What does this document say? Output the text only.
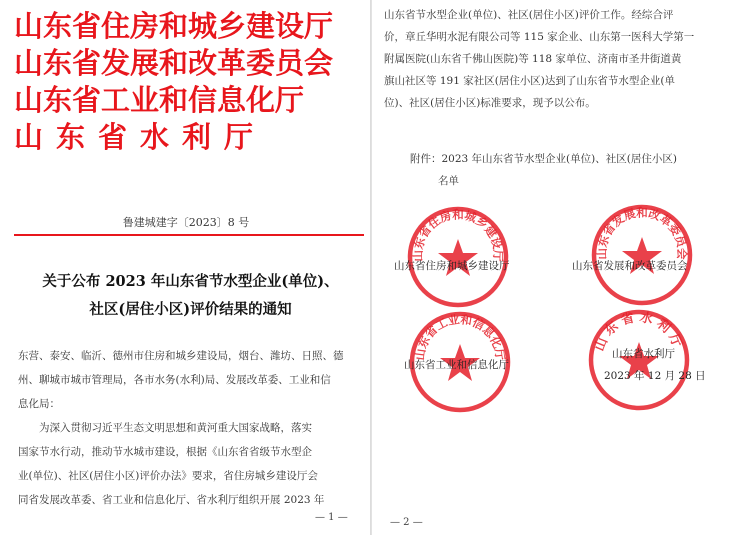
山东省住房和城乡建设厅
山东省发展和改革委员会
山东省工业和信息化厅
山东省水利厅
鲁建城建字〔2023〕8 号
关于公布 2023 年山东省节水型企业(单位)、
社区(居住小区)评价结果的通知
东营、泰安、临沂、德州市住房和城乡建设局，烟台、潍坊、日照、德
州、聊城市城市管理局，各市水务(水利)局、发展改革委、工业和信
息化局：
　　为深入贯彻习近平生态文明思想和黄河重大国家战略，落实
国家节水行动，推动节水城市建设，根据《山东省省级节水型企
业(单位)、社区(居住小区)评价办法》要求，省住房城乡建设厅会
同省发展改革委、省工业和信息化厅、省水利厅组织开展 2023 年
— 1 —
山东省节水型企业(单位)、社区(居住小区)评价工作。经综合评
价，章丘华明水泥有限公司等 115 家企业、山东第一医科大学第一
附属医院(山东省千佛山医院)等 118 家单位、济南市圣井街道黄
旗山社区等 191 家社区(居住小区)达到了山东省节水型企业(单
位)、社区(居住小区)标准要求，现予以公布。
附件：2023 年山东省节水型企业(单位)、社区(居住小区)
名单
山东省住房和城乡建设厅	山东省发展和改革委员会
山东省工业和信息化厅
山东省水利厅
山东省住房和城乡建设厅	山东省发展和改革委员会
山东省工业和信息化厅
山东省水利厅
2023 年 12 月 28 日
— 2 —
